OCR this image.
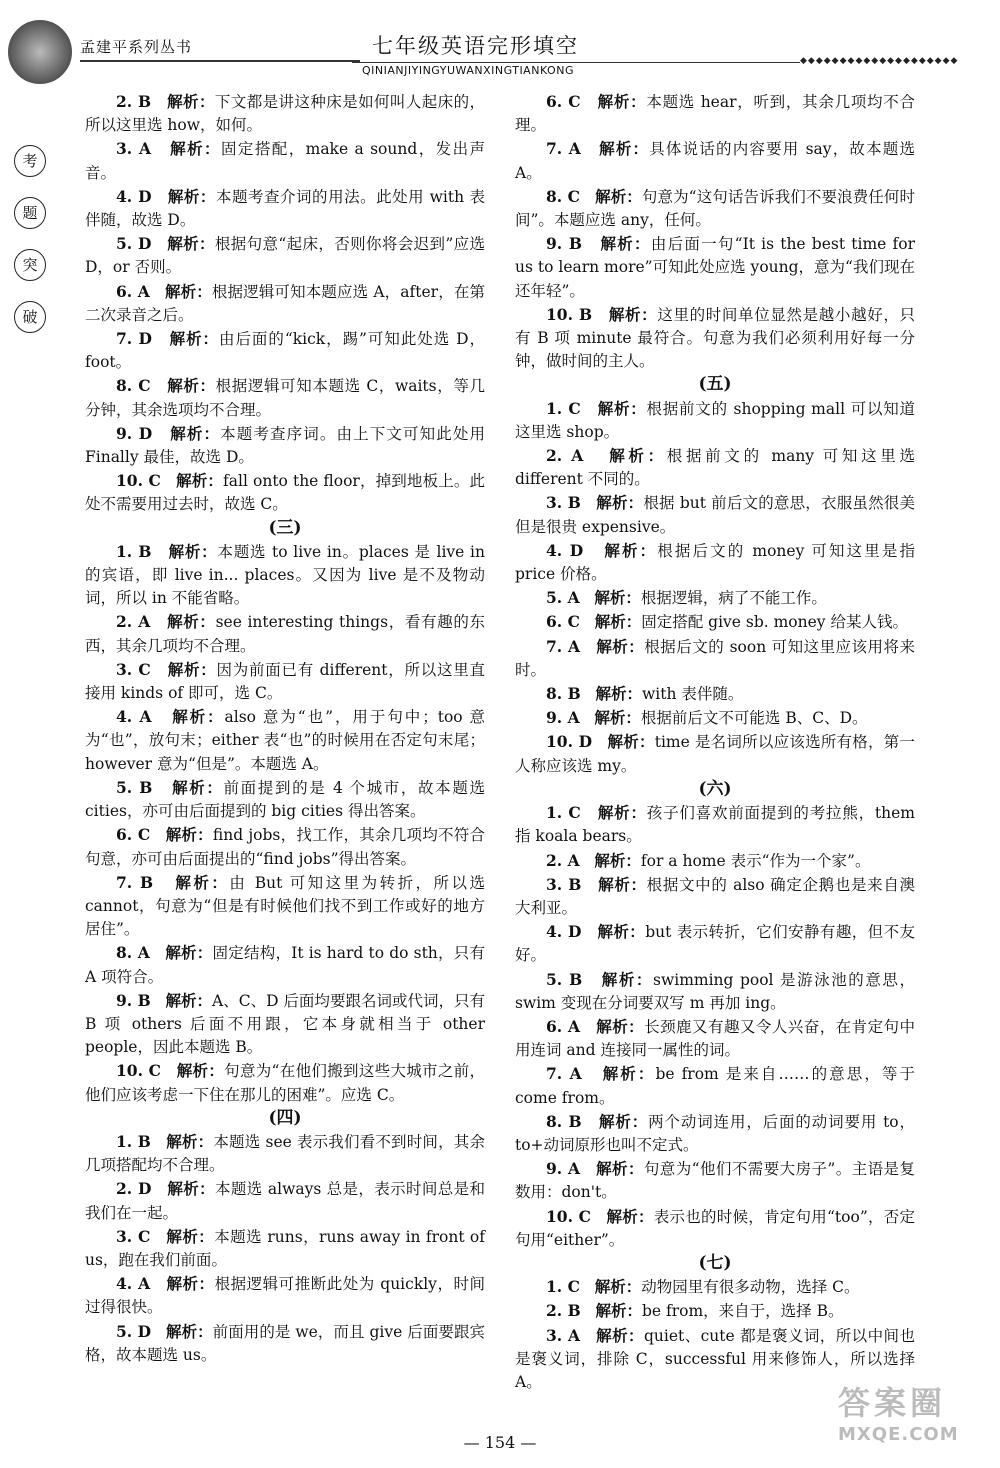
孟建平系列丛书	七年级英语完形填空
◆◆◆◆◆◆◆◆◆◆◆◆◆◆◆◆◆◆◆◆
QINIANJIYINGYUWANXINGTIANKONG
考
题
突
破
2. B 解析：下文都是讲这种床是如何叫人起床的，所以这里选 how，如何。
3. A 解析：固定搭配，make a sound，发出声音。
4. D 解析：本题考查介词的用法。此处用 with 表伴随，故选 D。
5. D 解析：根据句意“起床，否则你将会迟到”应选 D，or 否则。
6. A 解析：根据逻辑可知本题应选 A，after，在第二次录音之后。
7. D 解析：由后面的“kick，踢”可知此处选 D，foot。
8. C 解析：根据逻辑可知本题选 C，waits，等几分钟，其余选项均不合理。
9. D 解析：本题考查序词。由上下文可知此处用 Finally 最佳，故选 D。
10. C 解析：fall onto the floor，掉到地板上。此处不需要用过去时，故选 C。
(三)
1. B 解析：本题选 to live in。places 是 live in 的宾语，即 live in... places。又因为 live 是不及物动词，所以 in 不能省略。
2. A 解析：see interesting things，看有趣的东西，其余几项均不合理。
3. C 解析：因为前面已有 different，所以这里直接用 kinds of 即可，选 C。
4. A 解析：also 意为“也”，用于句中；too 意为“也”，放句末；either 表“也”的时候用在否定句末尾；however 意为“但是”。本题选 A。
5. B 解析：前面提到的是 4 个城市，故本题选 cities，亦可由后面提到的 big cities 得出答案。
6. C 解析：find jobs，找工作，其余几项均不符合句意，亦可由后面提出的“find jobs”得出答案。
7. B 解析：由 But 可知这里为转折，所以选 cannot，句意为“但是有时候他们找不到工作或好的地方居住”。
8. A 解析：固定结构，It is hard to do sth，只有 A 项符合。
9. B 解析：A、C、D 后面均要跟名词或代词，只有 B 项 others 后面不用跟，它本身就相当于 other people，因此本题选 B。
10. C 解析：句意为“在他们搬到这些大城市之前，他们应该考虑一下住在那儿的困难”。应选 C。
(四)
1. B 解析：本题选 see 表示我们看不到时间，其余几项搭配均不合理。
2. D 解析：本题选 always 总是，表示时间总是和我们在一起。
3. C 解析：本题选 runs，runs away in front of us，跑在我们前面。
4. A 解析：根据逻辑可推断此处为 quickly，时间过得很快。
5. D 解析：前面用的是 we，而且 give 后面要跟宾格，故本题选 us。
6. C 解析：本题选 hear，听到，其余几项均不合理。
7. A 解析：具体说话的内容要用 say，故本题选 A。
8. C 解析：句意为“这句话告诉我们不要浪费任何时间”。本题应选 any，任何。
9. B 解析：由后面一句“It is the best time for us to learn more”可知此处应选 young，意为“我们现在还年轻”。
10. B 解析：这里的时间单位显然是越小越好，只有 B 项 minute 最符合。句意为我们必须利用好每一分钟，做时间的主人。
(五)
1. C 解析：根据前文的 shopping mall 可以知道这里选 shop。
2. A 解析：根据前文的 many 可知这里选 different 不同的。
3. B 解析：根据 but 前后文的意思，衣服虽然很美但是很贵 expensive。
4. D 解析：根据后文的 money 可知这里是指 price 价格。
5. A 解析：根据逻辑，病了不能工作。
6. C 解析：固定搭配 give sb. money 给某人钱。
7. A 解析：根据后文的 soon 可知这里应该用将来时。
8. B 解析：with 表伴随。
9. A 解析：根据前后文不可能选 B、C、D。
10. D 解析：time 是名词所以应该选所有格，第一人称应该选 my。
(六)
1. C 解析：孩子们喜欢前面提到的考拉熊，them 指 koala bears。
2. A 解析：for a home 表示“作为一个家”。
3. B 解析：根据文中的 also 确定企鹅也是来自澳大利亚。
4. D 解析：but 表示转折，它们安静有趣，但不友好。
5. B 解析：swimming pool 是游泳池的意思，swim 变现在分词要双写 m 再加 ing。
6. A 解析：长颈鹿又有趣又令人兴奋，在肯定句中用连词 and 连接同一属性的词。
7. A 解析：be from 是来自……的意思，等于 come from。
8. B 解析：两个动词连用，后面的动词要用 to，to+动词原形也叫不定式。
9. A 解析：句意为“他们不需要大房子”。主语是复数用：don't。
10. C 解析：表示也的时候，肯定句用“too”，否定句用“either”。
(七)
1. C 解析：动物园里有很多动物，选择 C。
2. B 解析：be from，来自于，选择 B。
3. A 解析：quiet、cute 都是褒义词，所以中间也是褒义词，排除 C，successful 用来修饰人，所以选择 A。
— 154 —
答案圈
MXQE.COM
